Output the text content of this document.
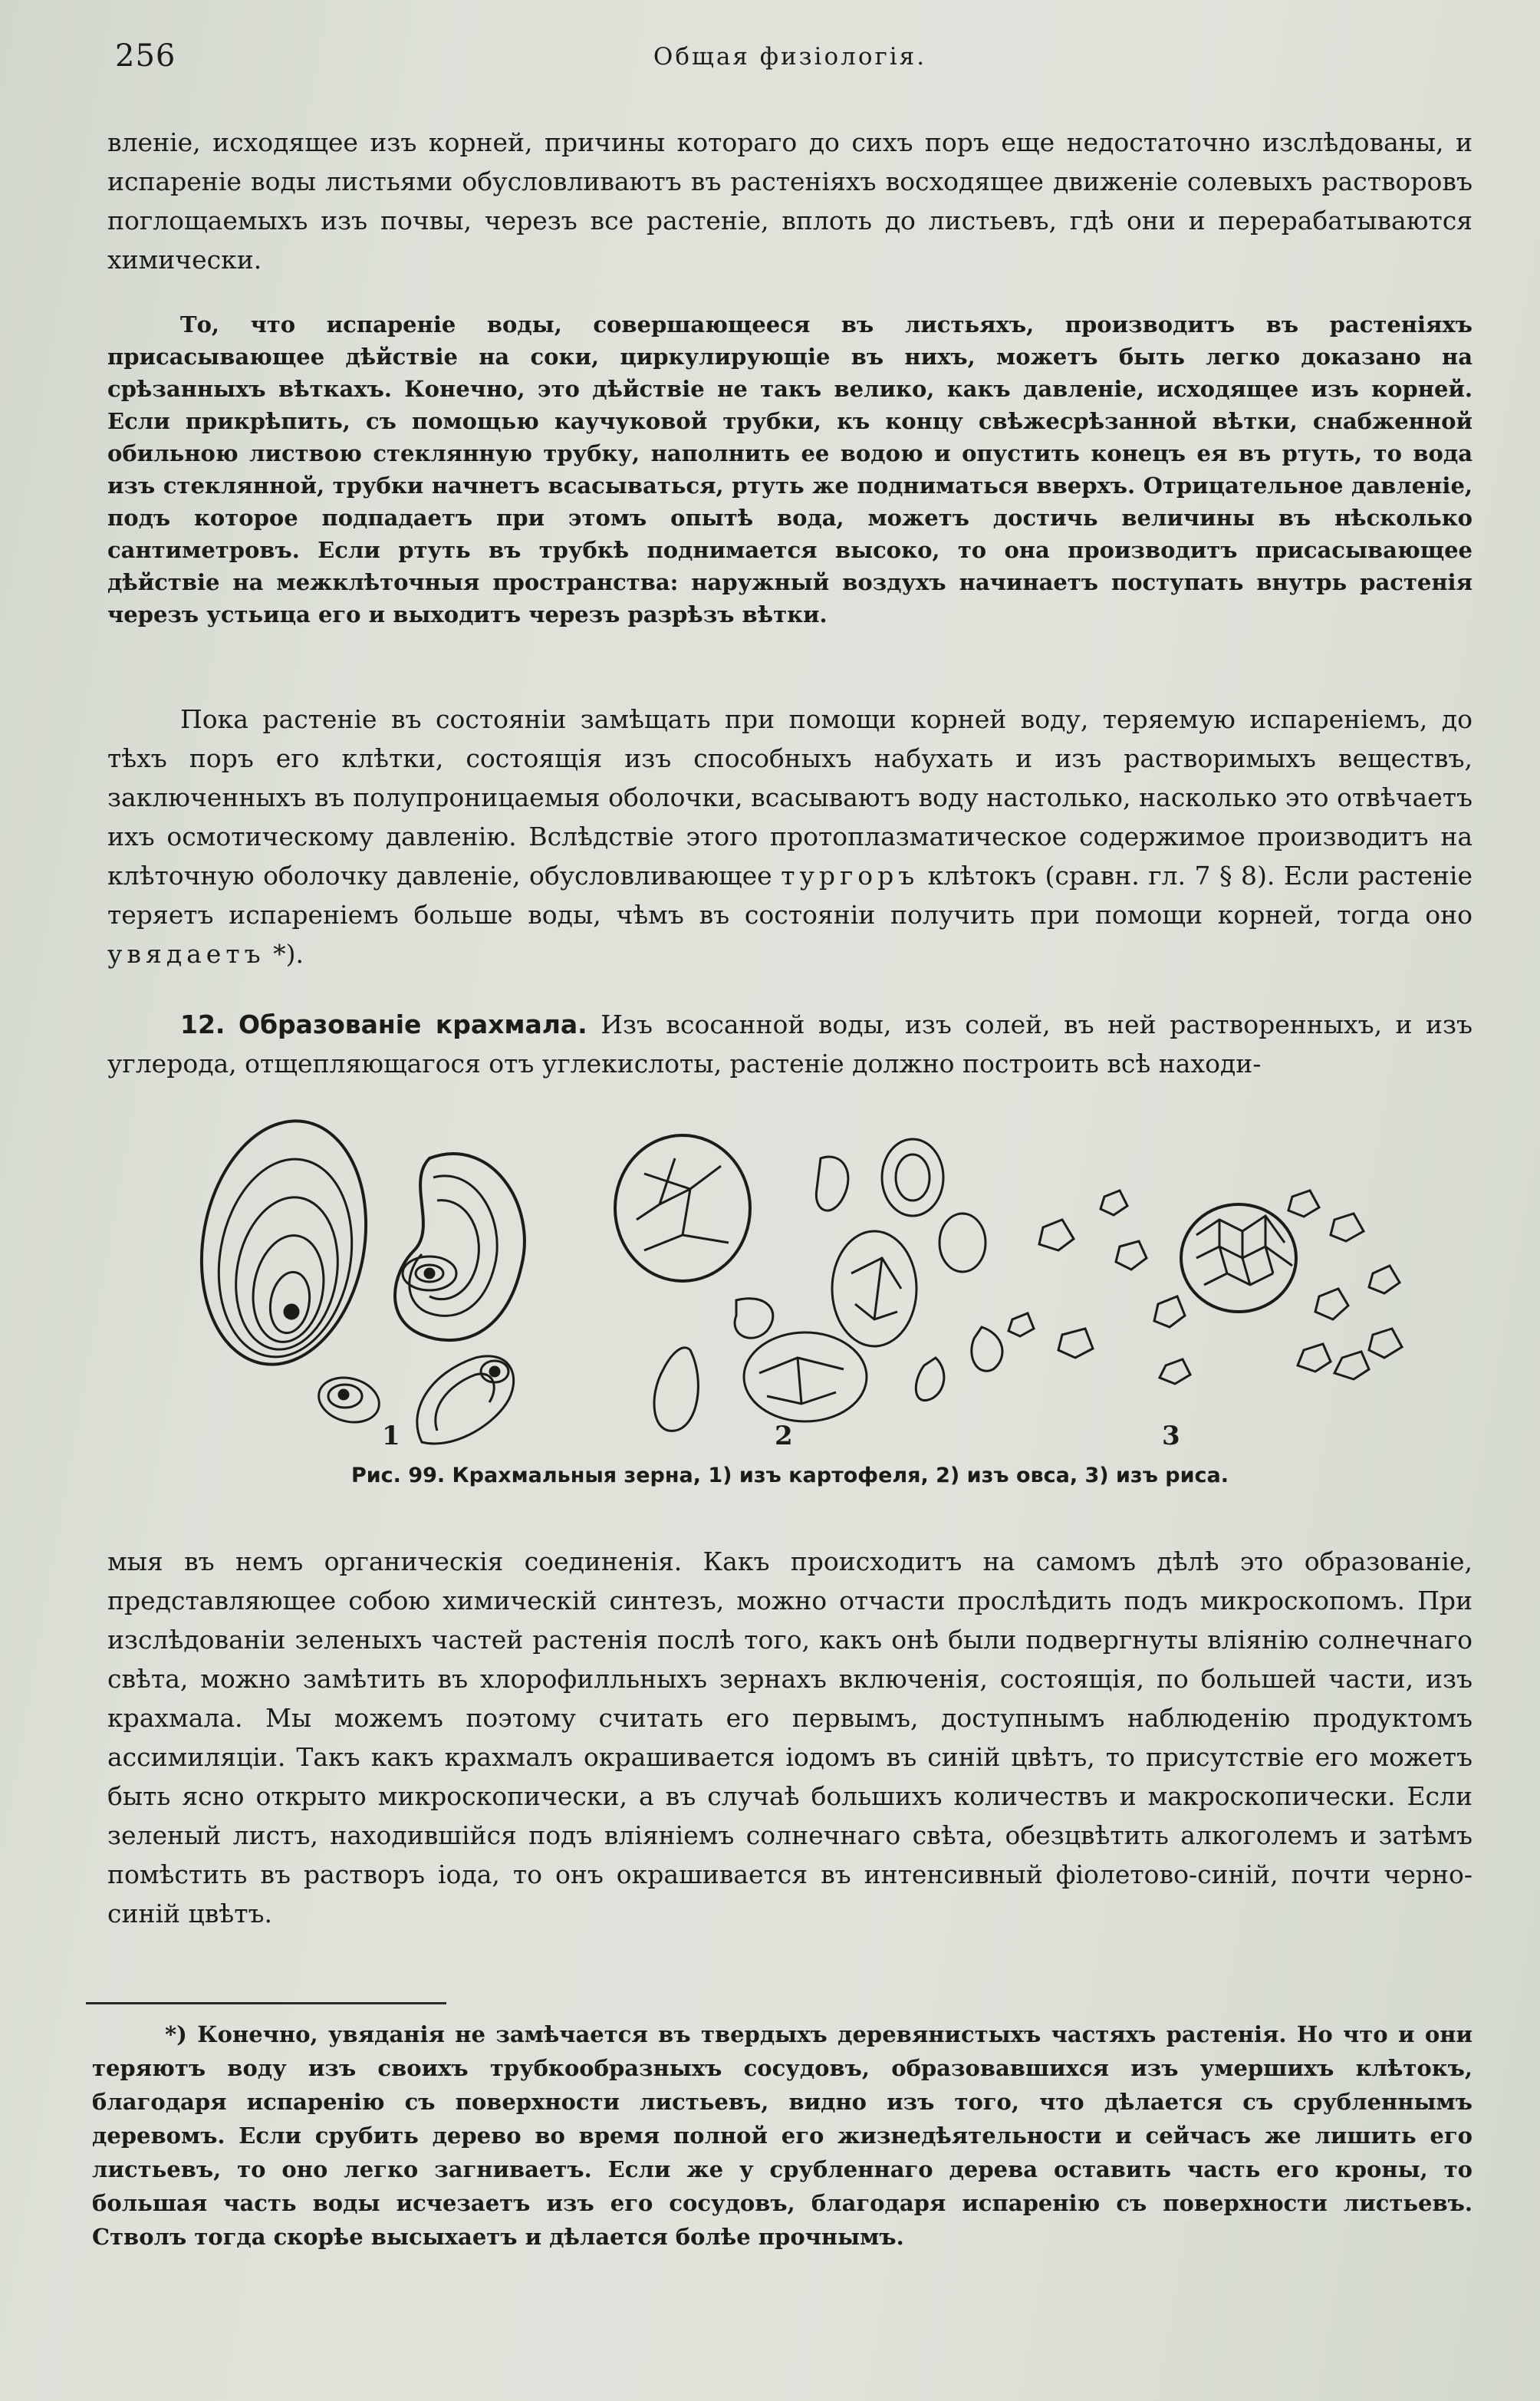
256	Общая физiологiя.

вленiе, исходящее изъ корней, причины котораго до сихъ поръ еще недостаточно изслѣдованы, и испаренiе воды листьями обусловливаютъ въ растенiяхъ восходящее движенiе солевыхъ растворовъ поглощаемыхъ изъ почвы, черезъ все растенiе, вплоть до листьевъ, гдѣ они и перерабатываются химически.

То, что испаренiе воды, совершающееся въ листьяхъ, производитъ въ растенiяхъ присасывающее дѣйствiе на соки, циркулирующiе въ нихъ, можетъ быть легко доказано на срѣзанныхъ вѣткахъ. Конечно, это дѣйствiе не такъ велико, какъ давленiе, исходящее изъ корней. Если прикрѣпить, съ помощью каучуковой трубки, къ концу свѣжесрѣзанной вѣтки, снабженной обильною листвою стеклянную трубку, наполнить ее водою и опустить конецъ ея въ ртуть, то вода изъ стеклянной, трубки начнетъ всасываться, ртуть же подниматься вверхъ. Отрицательное давленiе, подъ которое подпадаетъ при этомъ опытѣ вода, можетъ достичь величины въ нѣсколько сантиметровъ. Если ртуть въ трубкѣ поднимается высоко, то она производитъ присасывающее дѣйствiе на межклѣточныя пространства: наружный воздухъ начинаетъ поступать внутрь растенiя черезъ устьица его и выходитъ черезъ разрѣзъ вѣтки.

Пока растенiе въ состоянiи замѣщать при помощи корней воду, теряемую испаренiемъ, до тѣхъ поръ его клѣтки, состоящiя изъ способныхъ набухать и изъ растворимыхъ веществъ, заключенныхъ въ полупроницаемыя оболочки, всасываютъ воду настолько, насколько это отвѣчаетъ ихъ осмотическому давленiю. Вслѣдствiе этого протоплазматическое содержимое производитъ на клѣточную оболочку давленiе, обусловливающее тургоръ клѣтокъ (сравн. гл. 7 § 8). Если растенiе теряетъ испаренiемъ больше воды, чѣмъ въ состоянiи получить при помощи корней, тогда оно увядаетъ *).

12. Образованiе крахмала. Изъ всосанной воды, изъ солей, въ ней растворенныхъ, и изъ углерода, отщепляющагося отъ углекислоты, растенiе должно построить всѣ находи-

1	2	3
Рис. 99. Крахмальныя зерна, 1) изъ картофеля, 2) изъ овса, 3) изъ риса.

мыя въ немъ органическiя соединенiя. Какъ происходитъ на самомъ дѣлѣ это образованiе, представляющее собою химическiй синтезъ, можно отчасти прослѣдить подъ микроскопомъ. При изслѣдованiи зеленыхъ частей растенiя послѣ того, какъ онѣ были подвергнуты влiянiю солнечнаго свѣта, можно замѣтить въ хлорофилльныхъ зернахъ включенiя, состоящiя, по большей части, изъ крахмала. Мы можемъ поэтому считать его первымъ, доступнымъ наблюденiю продуктомъ ассимиляцiи. Такъ какъ крахмалъ окрашивается iодомъ въ синiй цвѣтъ, то присутствiе его можетъ быть ясно открыто микроскопически, а въ случаѣ большихъ количествъ и макроскопически. Если зеленый листъ, находившiйся подъ влiянiемъ солнечнаго свѣта, обезцвѣтить алкоголемъ и затѣмъ помѣстить въ растворъ iода, то онъ окрашивается въ интенсивный фiолетово-синiй, почти черно-синiй цвѣтъ.

*) Конечно, увяданiя не замѣчается въ твердыхъ деревянистыхъ частяхъ растенiя. Но что и они теряютъ воду изъ своихъ трубкообразныхъ сосудовъ, образовавшихся изъ умершихъ клѣтокъ, благодаря испаренiю съ поверхности листьевъ, видно изъ того, что дѣлается съ срубленнымъ деревомъ. Если срубить дерево во время полной его жизнедѣятельности и сейчасъ же лишить его листьевъ, то оно легко загниваетъ. Если же у срубленнаго дерева оставить часть его кроны, то большая часть воды исчезаетъ изъ его сосудовъ, благодаря испаренiю съ поверхности листьевъ. Стволъ тогда скорѣе высыхаетъ и дѣлается болѣе прочнымъ.
